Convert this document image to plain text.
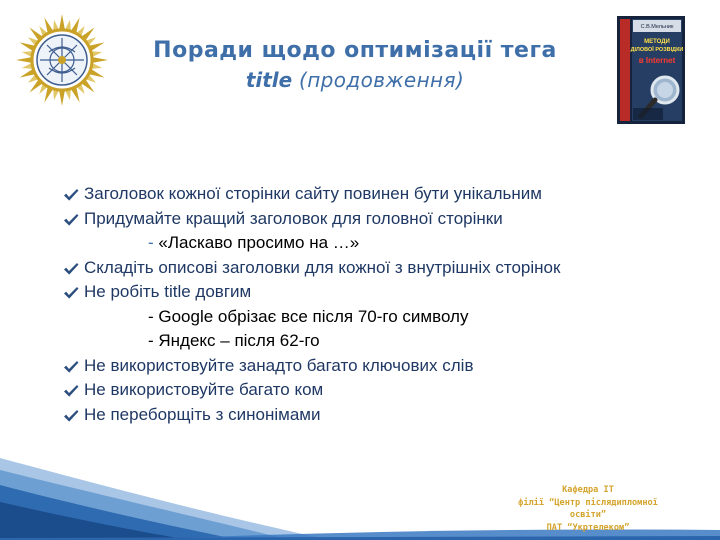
С.В.Мельник
МЕТОДИ
ДІЛОВОЇ РОЗВІДКИ
в Internet
Поради щодо оптимізації тега
title (продовження)
Заголовок кожної сторінки сайту повинен бути унікальним
Придумайте кращий заголовок для головної сторінки
- «Ласкаво просимо на …»
Складіть описові заголовки для кожної з внутрішніх сторінок
Не робіть title довгим
- Google обрізає все після 70-го символу
- Яндекс – після 62-го
Не використовуйте занадто багато ключових слів
Не використовуйте багато ком
Не переборщіть з синонімами
Кафедра ІТ
філії “Центр післядипломної
освіти”
ПАТ “Укртелеком”
